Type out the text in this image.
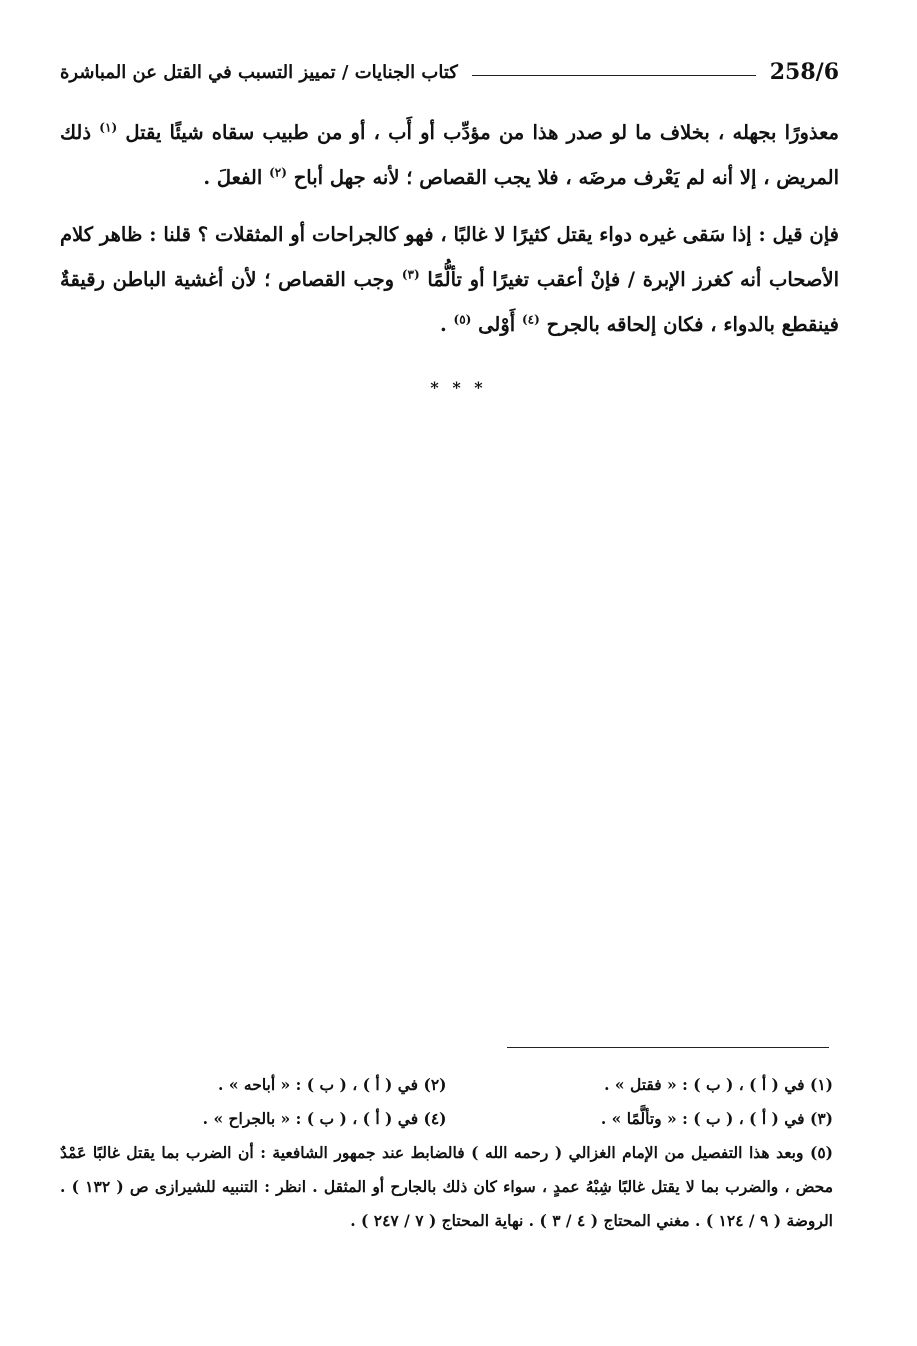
258/6
كتاب الجنايات / تمييز التسبب في القتل عن المباشرة

معذورًا بجهله ، بخلاف ما لو صدر هذا من مؤدِّب أو أَب ، أو من طبيب سقاه شيئًا يقتل $^{(١)}$ ذلك المريض ، إلا أنه لم يَعْرف مرضَه ، فلا يجب القصاص ؛ لأنه جهل أباح $^{(٢)}$ الفعلَ .

فإن قيل : إذا سَقى غيره دواء يقتل كثيرًا لا غالبًا ، فهو كالجراحات أو المثقلات ؟ قلنا : ظاهر كلام الأصحاب أنه كغرز الإبرة / فإنْ أعقب تغيرًا أو تألُّمًا $^{(٣)}$ وجب القصاص ؛ لأن أغشية الباطن رقيقةٌ فينقطع بالدواء ، فكان إلحاقه بالجرح $^{(٤)}$ أَوْلى $^{(٥)}$ .

* * *
(١) في ( أ ) ، ( ب ) : « فقتل » .
(٢) في ( أ ) ، ( ب ) : « أباحه » .
(٣) في ( أ ) ، ( ب ) : « وتألَّمًا » .
(٤) في ( أ ) ، ( ب ) : « بالجراح » .
(٥) وبعد هذا التفصيل من الإمام الغزالي ( رحمه الله ) فالضابط عند جمهور الشافعية : أن الضرب بما يقتل غالبًا عَمْدٌ محض ، والضرب بما لا يقتل غالبًا شِبْهُ عمدٍ ، سواء كان ذلك بالجارح أو المثقل . انظر : التنبيه للشيرازى ص ( ١٣٢ ) . الروضة ( ٩ / ١٢٤ ) . مغني المحتاج ( ٤ / ٣ ) . نهاية المحتاج ( ٧ / ٢٤٧ ) .
